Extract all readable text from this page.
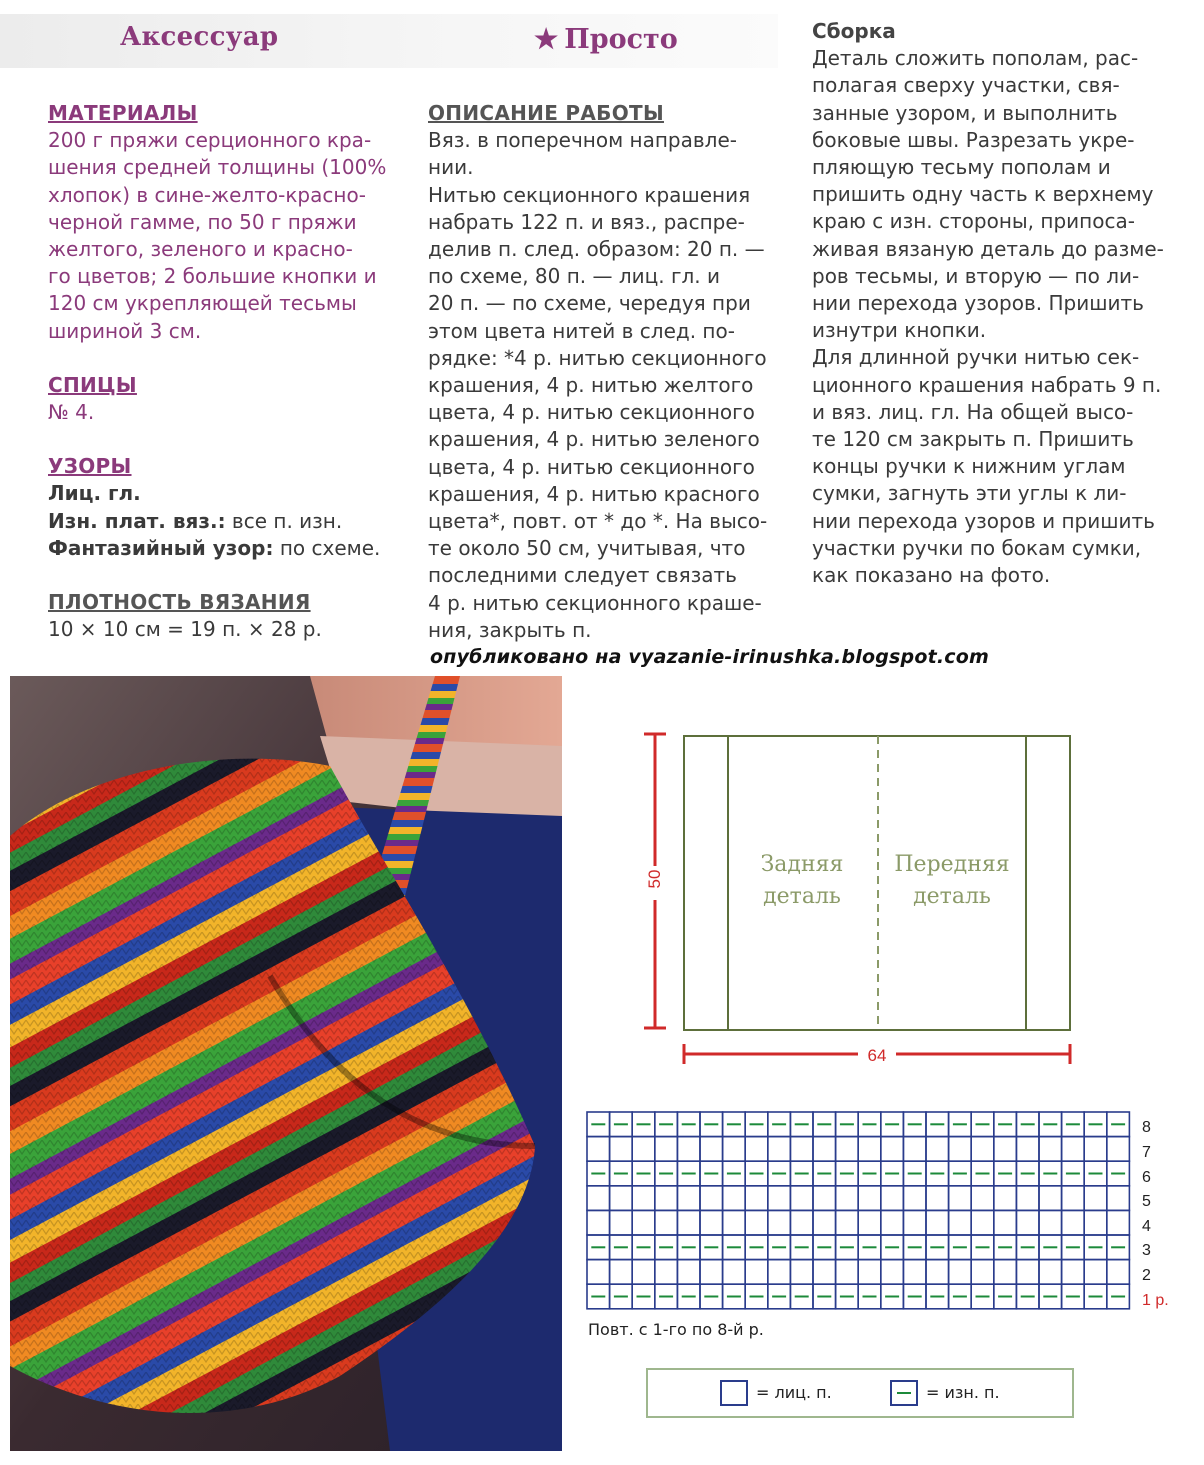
Аксессуар	★ Просто
МАТЕРИАЛЫ
200 г пряжи серционного кра-
шения средней толщины (100%
хлопок) в сине-желто-красно-
черной гамме, по 50 г пряжи
желтого, зеленого и красно-
го цветов; 2 большие кнопки и
120 см укрепляющей тесьмы
шириной 3 см.
СПИЦЫ
№ 4.
УЗОРЫ
Лиц. гл.
Изн. плат. вяз.: все п. изн.
Фантазийный узор: по схеме.
ПЛОТНОСТЬ ВЯЗАНИЯ
10 × 10 см = 19 п. × 28 р.
ОПИСАНИЕ РАБОТЫ
Вяз. в поперечном направле-
нии.
Нитью секционного крашения
набрать 122 п. и вяз., распре-
делив п. след. образом: 20 п. —
по схеме, 80 п. — лиц. гл. и
20 п. — по схеме, чередуя при
этом цвета нитей в след. по-
рядке: *4 р. нитью секционного
крашения, 4 р. нитью желтого
цвета, 4 р. нитью секционного
крашения, 4 р. нитью зеленого
цвета, 4 р. нитью секционного
крашения, 4 р. нитью красного
цвета*, повт. от * до *. На высо-
те около 50 см, учитывая, что
последними следует связать
4 р. нитью секционного краше-
ния, закрыть п.
Сборка
Деталь сложить пополам, рас-
полагая сверху участки, свя-
занные узором, и выполнить
боковые швы. Разрезать укре-
пляющую тесьму пополам и
пришить одну часть к верхнему
краю с изн. стороны, припоса-
живая вязаную деталь до разме-
ров тесьмы, и вторую — по ли-
нии перехода узоров. Пришить
изнутри кнопки.
Для длинной ручки нитью сек-
ционного крашения набрать 9 п.
и вяз. лиц. гл. На общей высо-
те 120 см закрыть п. Пришить
концы ручки к нижним углам
сумки, загнуть эти углы к ли-
нии перехода узоров и пришить
участки ручки по бокам сумки,
как показано на фото.
опубликовано на vyazanie-irinushka.blogspot.com
50
Задняя
деталь
Передняя
деталь
64
8
7
6
5
4
3
2
1 р.
Повт. с 1-го по 8-й р.
= лиц. п.	= изн. п.
